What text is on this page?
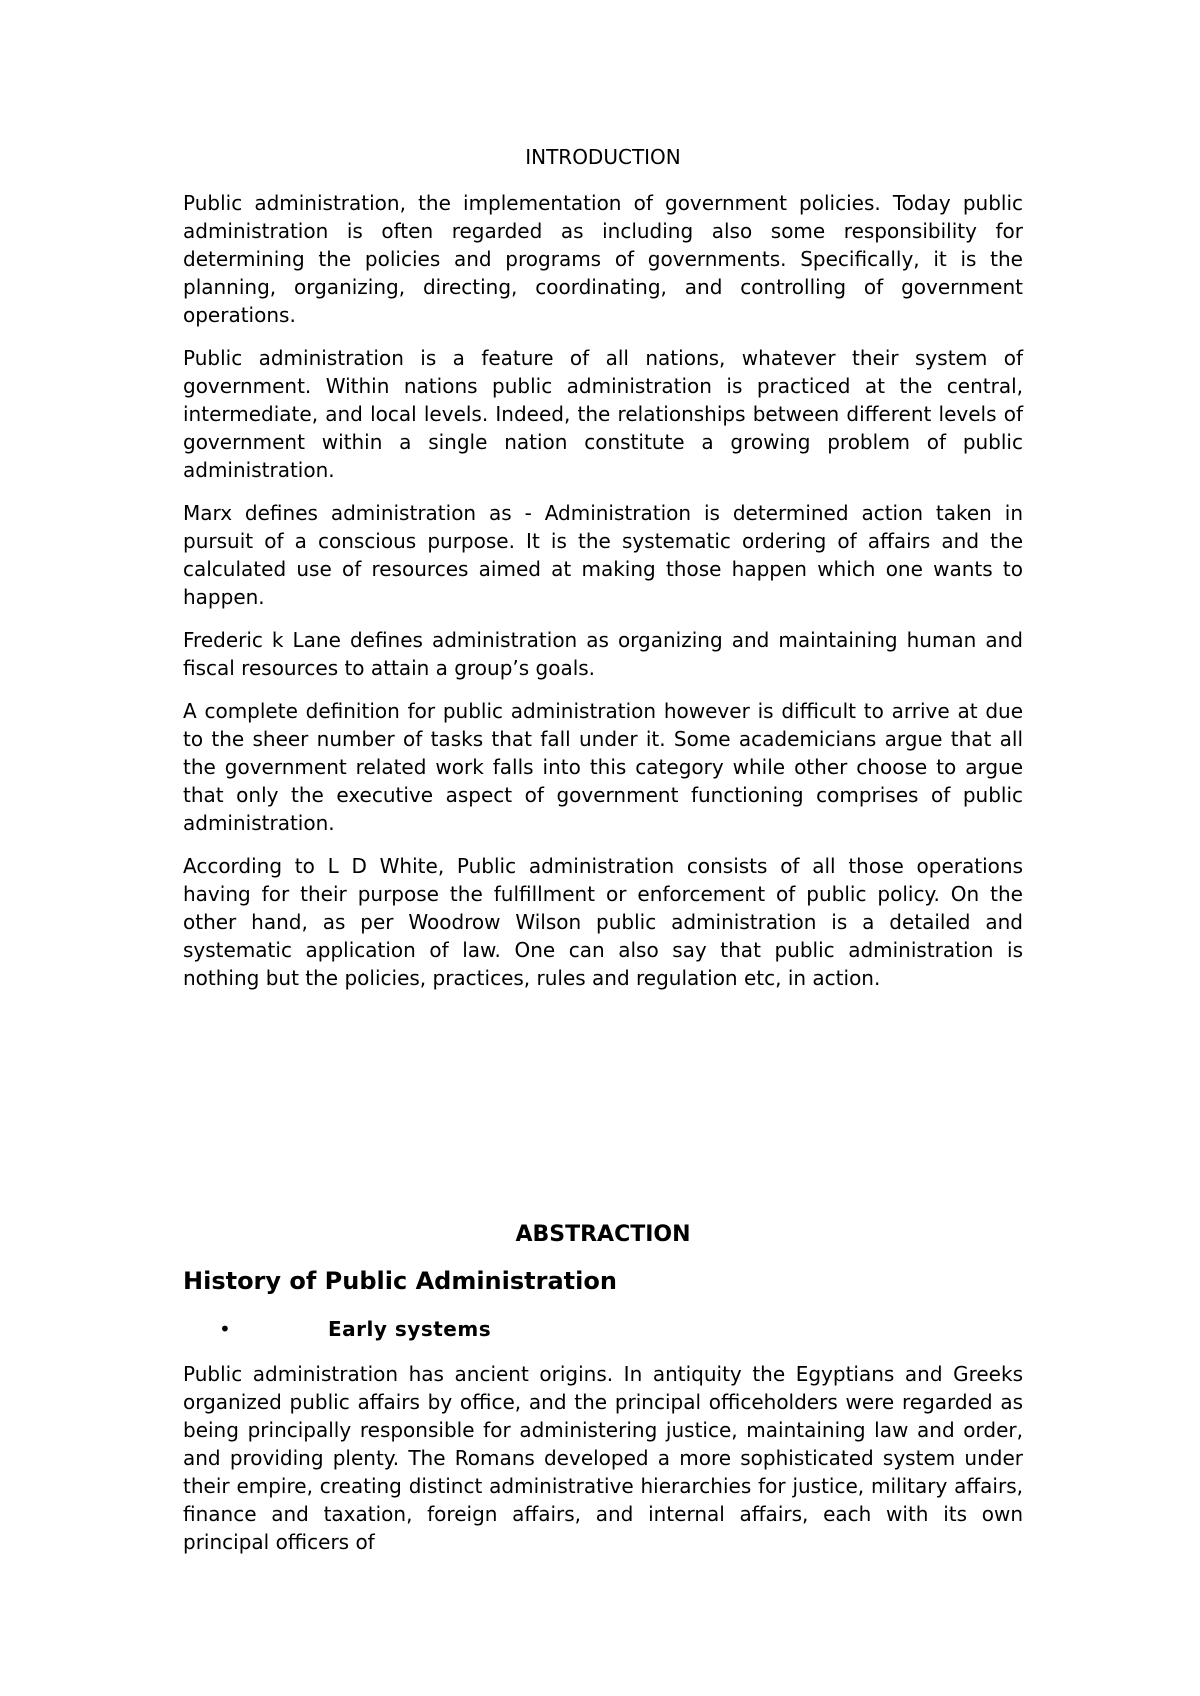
INTRODUCTION

Public administration, the implementation of government policies. Today public administration is often regarded as including also some responsibility for determining the policies and programs of governments. Specifically, it is the planning, organizing, directing, coordinating, and controlling of government operations.

Public administration is a feature of all nations, whatever their system of government. Within nations public administration is practiced at the central, intermediate, and local levels. Indeed, the relationships between different levels of government within a single nation constitute a growing problem of public administration.

Marx defines administration as - Administration is determined action taken in pursuit of a conscious purpose. It is the systematic ordering of affairs and the calculated use of resources aimed at making those happen which one wants to happen.

Frederic k Lane defines administration as organizing and maintaining human and fiscal resources to attain a group’s goals.

A complete definition for public administration however is difficult to arrive at due to the sheer number of tasks that fall under it. Some academicians argue that all the government related work falls into this category while other choose to argue that only the executive aspect of government functioning comprises of public administration.

According to L D White, Public administration consists of all those operations having for their purpose the fulfillment or enforcement of public policy. On the other hand, as per Woodrow Wilson public administration is a detailed and systematic application of law. One can also say that public administration is nothing but the policies, practices, rules and regulation etc, in action.

ABSTRACTION
History of Public Administration
•	Early systems

Public administration has ancient origins. In antiquity the Egyptians and Greeks organized public affairs by office, and the principal officeholders were regarded as being principally responsible for administering justice, maintaining law and order, and providing plenty. The Romans developed a more sophisticated system under their empire, creating distinct administrative hierarchies for justice, military affairs, finance and taxation, foreign affairs, and internal affairs, each with its own principal officers of
